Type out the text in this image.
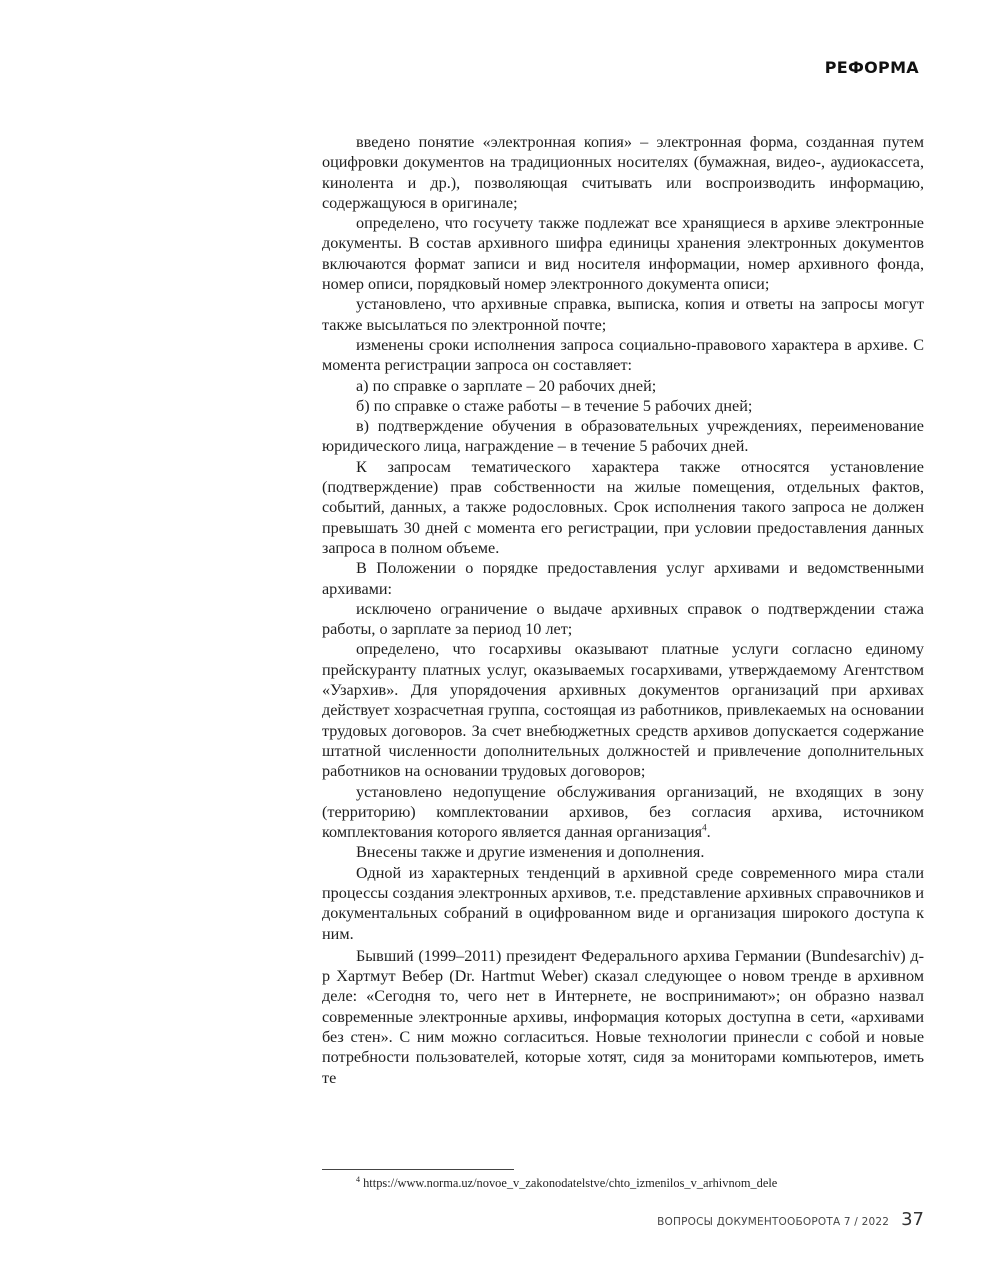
РЕФОРМА

введено понятие «электронная копия» – электронная форма, созданная путем оцифровки документов на традиционных носителях (бумажная, видео-, аудиокассета, кинолента и др.), позволяющая считывать или воспроизводить информацию, содержащуюся в оригинале;

определено, что госучету также подлежат все хранящиеся в архиве электронные документы. В состав архивного шифра единицы хранения электронных документов включаются формат записи и вид носителя информации, номер архивного фонда, номер описи, порядковый номер электронного документа описи;

установлено, что архивные справка, выписка, копия и ответы на запросы могут также высылаться по электронной почте;

изменены сроки исполнения запроса социально-правового характера в архиве. С момента регистрации запроса он составляет:

а) по справке о зарплате – 20 рабочих дней;

б) по справке о стаже работы – в течение 5 рабочих дней;

в) подтверждение обучения в образовательных учреждениях, переименование юридического лица, награждение – в течение 5 рабочих дней.

К запросам тематического характера также относятся установление (подтверждение) прав собственности на жилые помещения, отдельных фактов, событий, данных, а также родословных. Срок исполнения такого запроса не должен превышать 30 дней с момента его регистрации, при условии предоставления данных запроса в полном объеме.

В Положении о порядке предоставления услуг архивами и ведомственными архивами:

исключено ограничение о выдаче архивных справок о подтверждении стажа работы, о зарплате за период 10 лет;

определено, что госархивы оказывают платные услуги согласно единому прейскуранту платных услуг, оказываемых госархивами, утверждаемому Агентством «Узархив». Для упорядочения архивных документов организаций при архивах действует хозрасчетная группа, состоящая из работников, привлекаемых на основании трудовых договоров. За счет внебюджетных средств архивов допускается содержание штатной численности дополнительных должностей и привлечение дополнительных работников на основании трудовых договоров;

установлено недопущение обслуживания организаций, не входящих в зону (территорию) комплектовании архивов, без согласия архива, источником комплектования которого является данная организация$^4$.

Внесены также и другие изменения и дополнения.

Одной из характерных тенденций в архивной среде современного мира стали процессы создания электронных архивов, т.е. представление архивных справочников и документальных собраний в оцифрованном виде и организация широкого доступа к ним.

Бывший (1999–2011) президент Федерального архива Германии (Bundesarchiv) д-р Хартмут Вебер (Dr. Hartmut Weber) сказал следующее о новом тренде в архивном деле: «Сегодня то, чего нет в Интернете, не воспринимают»; он образно назвал современные электронные архивы, информация которых доступна в сети, «архивами без стен». С ним можно согласиться. Новые технологии принесли с собой и новые потребности пользователей, которые хотят, сидя за мониторами компьютеров, иметь те

$^4$ https://www.norma.uz/novoe_v_zakonodatelstve/chto_izmenilos_v_arhivnom_dele

ВОПРОСЫ ДОКУМЕНТООБОРОТА 7 / 2022 37
